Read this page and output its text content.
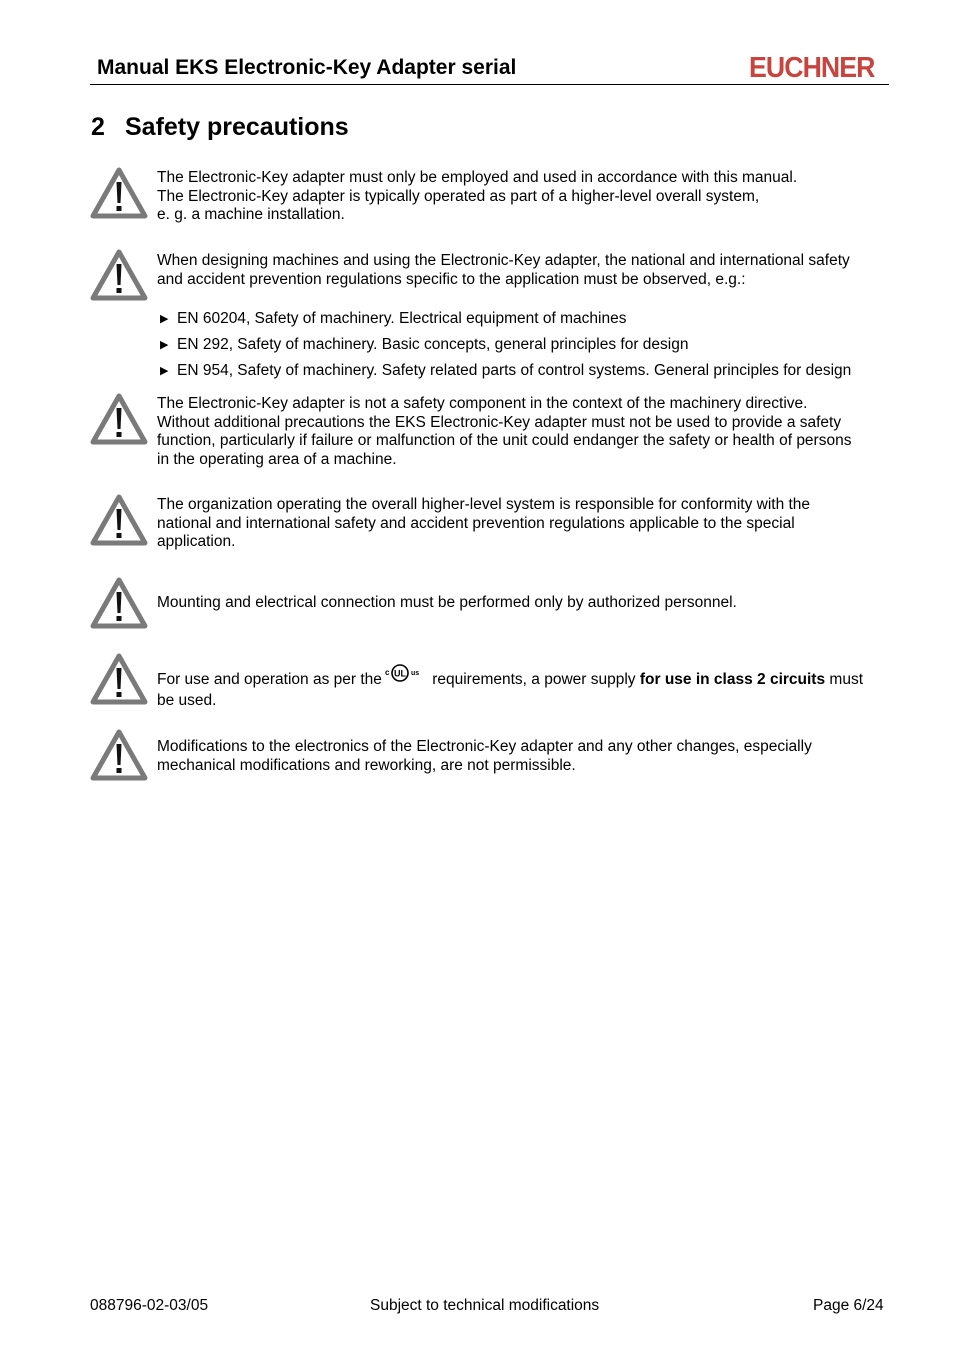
Manual EKS Electronic-Key Adapter serial	EUCHNER
2 Safety precautions
The Electronic-Key adapter must only be employed and used in accordance with this manual.
The Electronic-Key adapter is typically operated as part of a higher-level overall system,
e. g. a machine installation.
When designing machines and using the Electronic-Key adapter, the national and international safety
and accident prevention regulations specific to the application must be observed, e.g.:
▶ EN 60204, Safety of machinery. Electrical equipment of machines
▶ EN 292, Safety of machinery. Basic concepts, general principles for design
▶ EN 954, Safety of machinery. Safety related parts of control systems. General principles for design
The Electronic-Key adapter is not a safety component in the context of the machinery directive.
Without additional precautions the EKS Electronic-Key adapter must not be used to provide a safety
function, particularly if failure or malfunction of the unit could endanger the safety or health of persons
in the operating area of a machine.
The organization operating the overall higher-level system is responsible for conformity with the
national and international safety and accident prevention regulations applicable to the special
application.
Mounting and electrical connection must be performed only by authorized personnel.
For use and operation as per the c UL us requirements, a power supply for use in class 2 circuits must
be used.
Modifications to the electronics of the Electronic-Key adapter and any other changes, especially
mechanical modifications and reworking, are not permissible.
088796-02-03/05	Subject to technical modifications	Page 6/24
